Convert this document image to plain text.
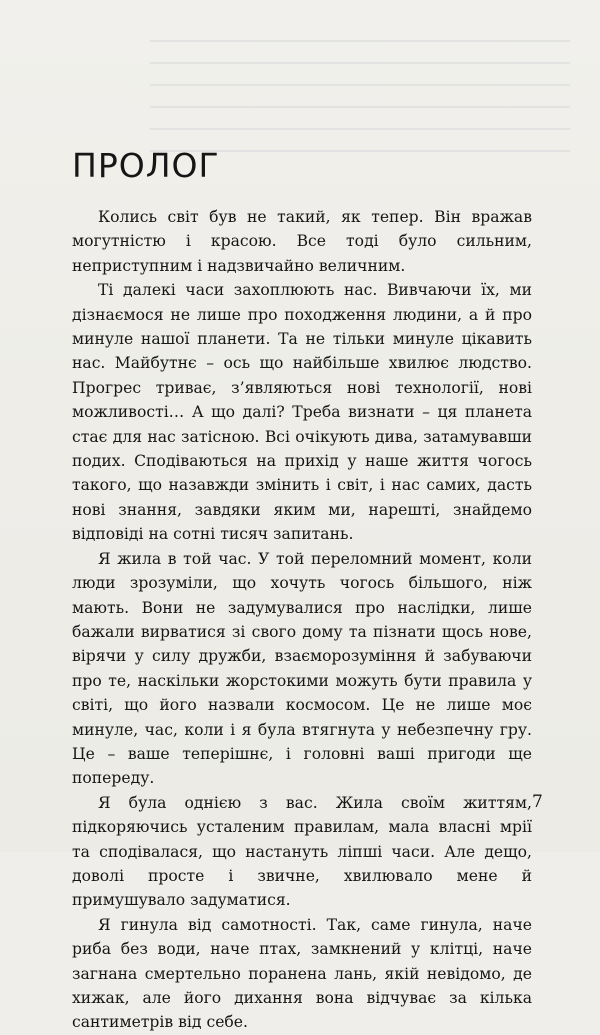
ПРОЛОГ

Колись світ був не такий, як тепер. Він вражав могутністю і красою. Все тоді було сильним, неприступним і надзвичайно величним.

Ті далекі часи захоплюють нас. Вивчаючи їх, ми дізнаємося не лише про походження людини, а й про минуле нашої планети. Та не тільки минуле цікавить нас. Майбутнє – ось що найбільше хвилює людство. Прогрес триває, з’являються нові технології, нові можливості… А що далі? Треба визнати – ця планета стає для нас затісною. Всі очікують дива, затамувавши подих. Сподіваються на прихід у наше життя чогось такого, що назавжди змінить і світ, і нас самих, дасть нові знання, завдяки яким ми, нарешті, знайдемо відповіді на сотні тисяч запитань.

Я жила в той час. У той переломний момент, коли люди зрозуміли, що хочуть чогось більшого, ніж мають. Вони не задумувалися про наслідки, лише бажали вирватися зі свого дому та пізнати щось нове, вірячи у силу дружби, взаєморозуміння й забуваючи про те, наскільки жорстокими можуть бути правила у світі, що його назвали космосом. Це не лише моє минуле, час, коли і я була втягнута у небезпечну гру. Це – ваше теперішнє, і головні ваші пригоди ще попереду.

Я була однією з вас. Жила своїм життям, підкоряючись усталеним правилам, мала власні мрії та сподівалася, що настануть ліпші часи. Але дещо, доволі просте і звичне, хвилювало мене й примушувало задуматися.

Я гинула від самотності. Так, саме гинула, наче риба без води, наче птах, замкнений у клітці, наче загнана смертельно поранена лань, якій невідомо, де хижак, але його дихання вона відчуває за кілька сантиметрів від себе.

7
